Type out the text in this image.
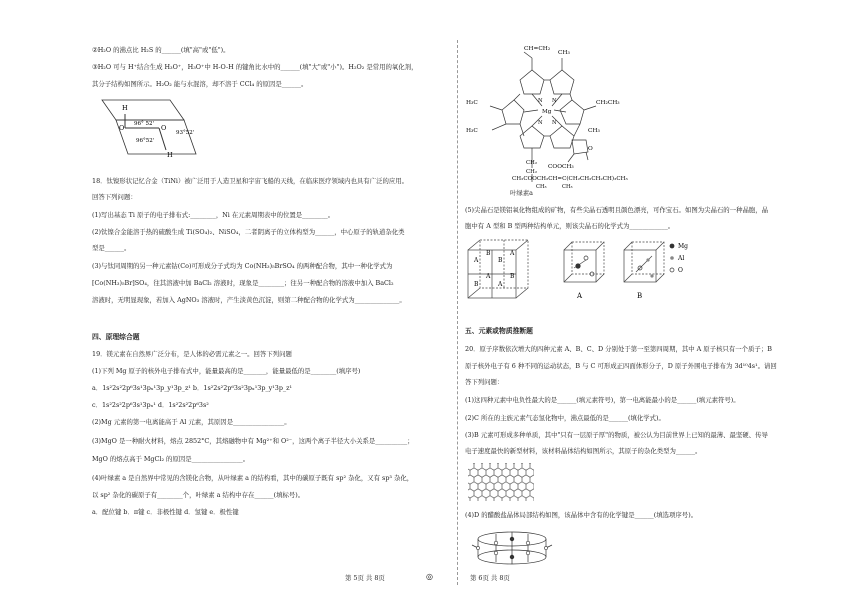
②H₂O 的沸点比 H₂S 的______(填"高"或"低")。
③H₂O 可与 H⁺结合生成 H₃O⁺，H₃O⁺中 H-O-H 的键角比水中的______(填"大"或"小")。H₂O₂ 是常用的氧化剂，
其分子结构如图所示。H₂O₂ 能与水混溶，却不溶于 CCl₄ 的原因是______。
H
O	O
H
96° 52'
93°52'
96°52'
18．钛镍形状记忆合金（TiNi）被广泛用于人造卫星和宇宙飞船的天线，在临床医疗领域内也具有广泛的应用。
回答下列问题：
(1)写出基态 Ti 原子的电子排布式:________，Ni 在元素周期表中的位置是________。
(2)钛镍合金能溶于热的硫酸生成 Ti(SO₄)₂、NiSO₄，二者阴离子的立体构型为______，中心原子的轨道杂化类
型是______。
(3)与钛同周期的另一种元素钴(Co)可形成分子式均为 Co(NH₃)₅BrSO₄ 的两种配合物，其中一种化学式为
[Co(NH₃)₅Br]SO₄，往其溶液中加 BaCl₂ 溶液时，现象是________；往另一种配合物的溶液中加入 BaCl₂
溶液时，无明显现象，若加入 AgNO₃ 溶液时，产生淡黄色沉淀，则第二种配合物的化学式为______________。
四、原理综合题
19．镁元素在自然界广泛分布，是人体的必需元素之一。回答下列问题
(1)下列 Mg 原子的核外电子排布式中，能量最高的是_______，能量最低的是________(填序号)
a．1s²2s²2p⁶3s¹3pₓ¹3p_y¹3p_z¹ b．1s²2s²2p⁶3s²3pₓ¹3p_y¹3p_z¹
c．1s²2s²2p⁶3s¹3pₓ¹ d．1s²2s²2p⁶3s²
(2)Mg 元素的第一电离能高于 Al 元素，其原因是________________。
(3)MgO 是一种耐火材料，熔点 2852°C，其熔融物中有 Mg²⁺和 O²⁻，这两个离子半径大小关系是__________；
MgO 的熔点高于 MgCl₂ 的原因是________________。
(4)叶绿素 a 是自然界中常见的含镁化合物，从叶绿素 a 的结构看，其中的碳原子既有 sp² 杂化，又有 sp³ 杂化，
以 sp² 杂化的碳原子有________个，叶绿素 a 结构中存在______(填标号)。
a．配位键 b．π键 c．非极性键 d．氢键 e．极性键
CH=CH₂
CH₃
H₃C	CH₂CH₃
N N
Mg
N N
H₃C	CH₃
O
COOCH₃
CH₂
CH₂
CH₂COOCH₂CH=C(CH₂CH₂CH₂CH)₃CH₃
CH₃	CH₃
叶绿素a
(5)尖晶石是镁铝氧化物组成的矿物，有些尖晶石透明且颜色漂亮，可作宝石。如图为尖晶石的一种晶胞，晶
胞中有 A 型和 B 型两种结构单元，则该尖晶石的化学式为____________。
A
B
B
A
B	A
A	B
A	B
Mg
Al
O
五、元素或物质推断题
20．原子序数依次增大的四种元素 A、B、C、D 分别处于第一至第四周期，其中 A 原子核只有一个质子；B
原子核外电子有 6 种不同的运动状态，B 与 C 可形成正四面体形分子，D 原子外围电子排布为 3d¹⁰4s¹。请回
答下列问题：
(1)这四种元素中电负性最大的是______(填元素符号)，第一电离能最小的是______(填元素符号)。
(2)C 所在的主族元素气态氢化物中，沸点最低的是______(填化学式)。
(3)B 元素可形成多种单质，其中"只有一层原子厚"的物质，被公认为目前世界上已知的最薄、最坚硬、传导
电子速度最快的新型材料，该材料晶体结构如图所示，其原子的杂化类型为______。
(4)D 的醋酸盐晶体局部结构如图，该晶体中含有的化学键是______(填选项序号)。
第 5页 共 8页	◎	第 6页 共 8页
